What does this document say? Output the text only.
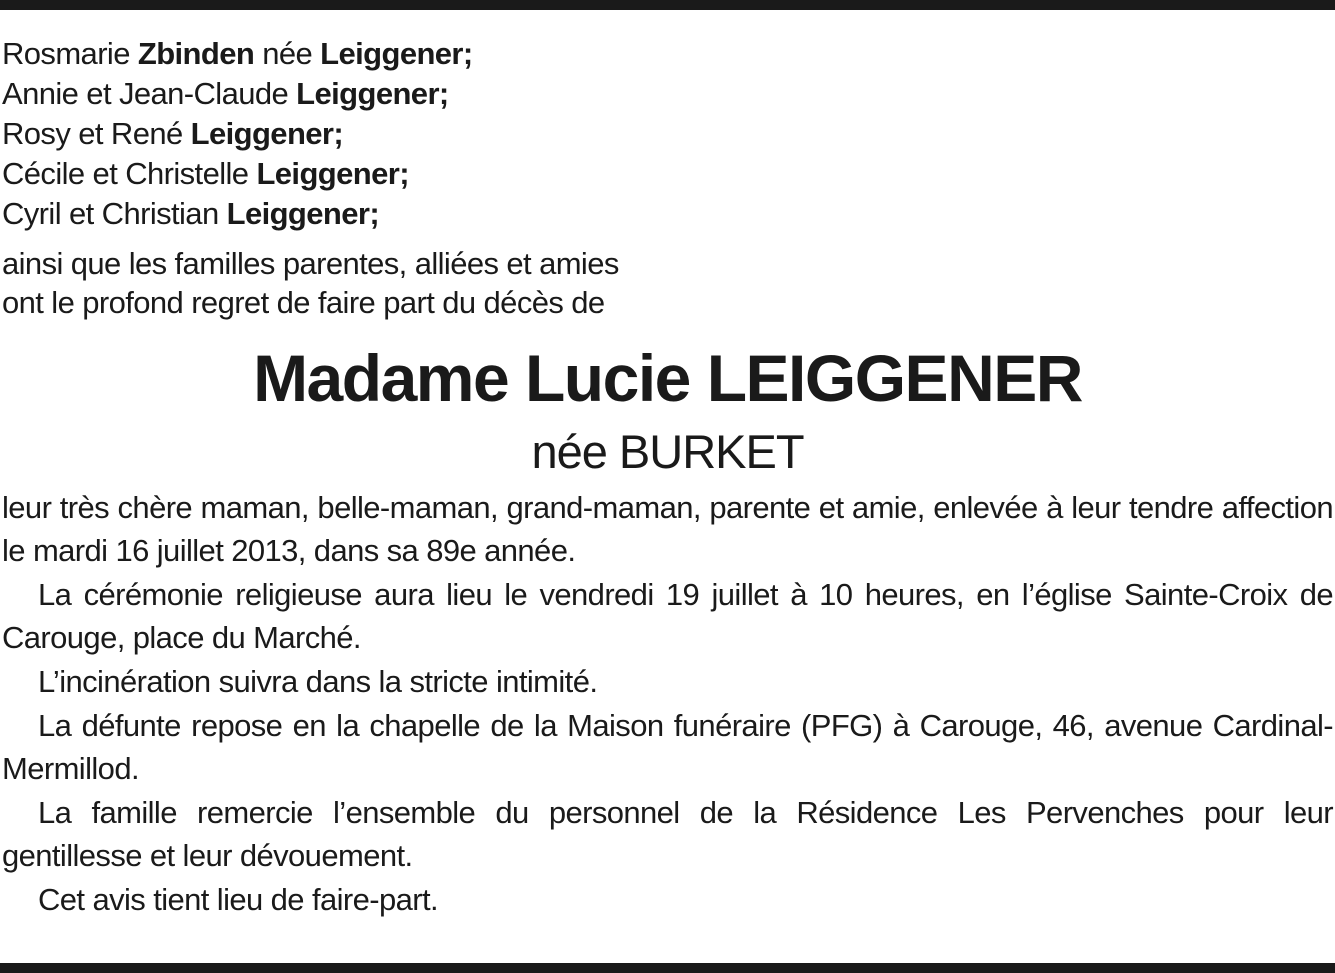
Rosmarie Zbinden née Leiggener;
Annie et Jean-Claude Leiggener;
Rosy et René Leiggener;
Cécile et Christelle Leiggener;
Cyril et Christian Leiggener;
ainsi que les familles parentes, alliées et amies
ont le profond regret de faire part du décès de
Madame Lucie LEIGGENER
née BURKET
leur très chère maman, belle-maman, grand-maman, parente et amie, enlevée à leur tendre affection le mardi 16 juillet 2013, dans sa 89e année.
La cérémonie religieuse aura lieu le vendredi 19 juillet à 10 heures, en l’église Sainte-Croix de Carouge, place du Marché.
L’incinération suivra dans la stricte intimité.
La défunte repose en la chapelle de la Maison funéraire (PFG) à Carouge, 46, avenue Cardinal-Mermillod.
La famille remercie l’ensemble du personnel de la Résidence Les Pervenches pour leur gentillesse et leur dévouement.
Cet avis tient lieu de faire-part.
